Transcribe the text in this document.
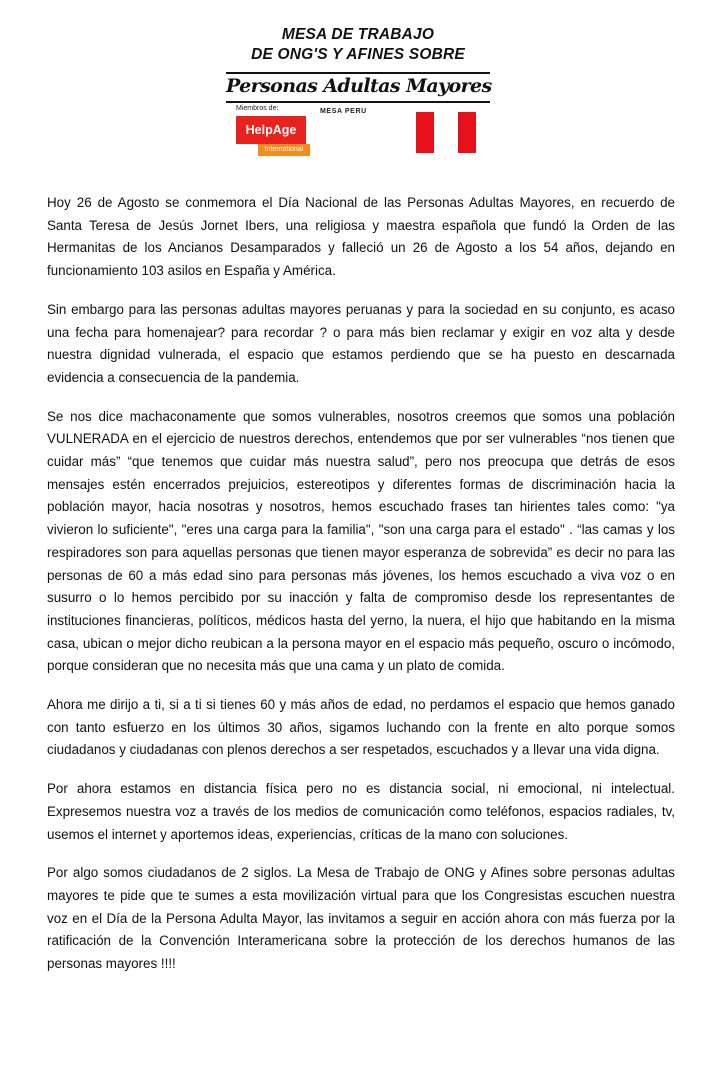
MESA DE TRABAJO
DE ONG'S Y AFINES SOBRE
Personas Adultas Mayores
Miembros de:	MESA PERU
HelpAge
International

Hoy 26 de Agosto se conmemora el Día Nacional de las Personas Adultas Mayores, en recuerdo de Santa Teresa de Jesús Jornet Ibers, una religiosa y maestra española que fundó la Orden de las Hermanitas de los Ancianos Desamparados y falleció un 26 de Agosto a los 54 años, dejando en funcionamiento 103 asilos en España y América.

Sin embargo para las personas adultas mayores peruanas y para la sociedad en su conjunto, es acaso una fecha para homenajear? para recordar ? o para más bien reclamar y exigir en voz alta y desde nuestra dignidad vulnerada, el espacio que estamos perdiendo que se ha puesto en descarnada evidencia a consecuencia de la pandemia.

Se nos dice machaconamente que somos vulnerables, nosotros creemos que somos una población VULNERADA en el ejercicio de nuestros derechos, entendemos que por ser vulnerables “nos tienen que cuidar más” “que tenemos que cuidar más nuestra salud”, pero nos preocupa que detrás de esos mensajes estén encerrados prejuicios, estereotipos y diferentes formas de discriminación hacia la población mayor, hacia nosotras y nosotros, hemos escuchado frases tan hirientes tales como: "ya vivieron lo suficiente", "eres una carga para la familia", "son una carga para el estado" . “las camas y los respiradores son para aquellas personas que tienen mayor esperanza de sobrevida” es decir no para las personas de 60 a más edad sino para personas más jóvenes, los hemos escuchado a viva voz o en susurro o lo hemos percibido por su inacción y falta de compromiso desde los representantes de instituciones financieras, políticos, médicos hasta del yerno, la nuera, el hijo que habitando en la misma casa, ubican o mejor dicho reubican a la persona mayor en el espacio más pequeño, oscuro o incómodo, porque consideran que no necesita más que una cama y un plato de comida.

Ahora me dirijo a ti, si a ti si tienes 60 y más años de edad, no perdamos el espacio que hemos ganado con tanto esfuerzo en los últimos 30 años, sigamos luchando con la frente en alto porque somos ciudadanos y ciudadanas con plenos derechos a ser respetados, escuchados y a llevar una vida digna.

Por ahora estamos en distancia física pero no es distancia social, ni emocional, ni intelectual. Expresemos nuestra voz a través de los medios de comunicación como teléfonos, espacios radiales, tv, usemos el internet y aportemos ideas, experiencias, críticas de la mano con soluciones.

Por algo somos ciudadanos de 2 siglos. La Mesa de Trabajo de ONG y Afines sobre personas adultas mayores te pide que te sumes a esta movilización virtual para que los Congresistas escuchen nuestra voz en el Día de la Persona Adulta Mayor, las invitamos a seguir en acción ahora con más fuerza por la ratificación de la Convención Interamericana sobre la protección de los derechos humanos de las personas mayores !!!!
